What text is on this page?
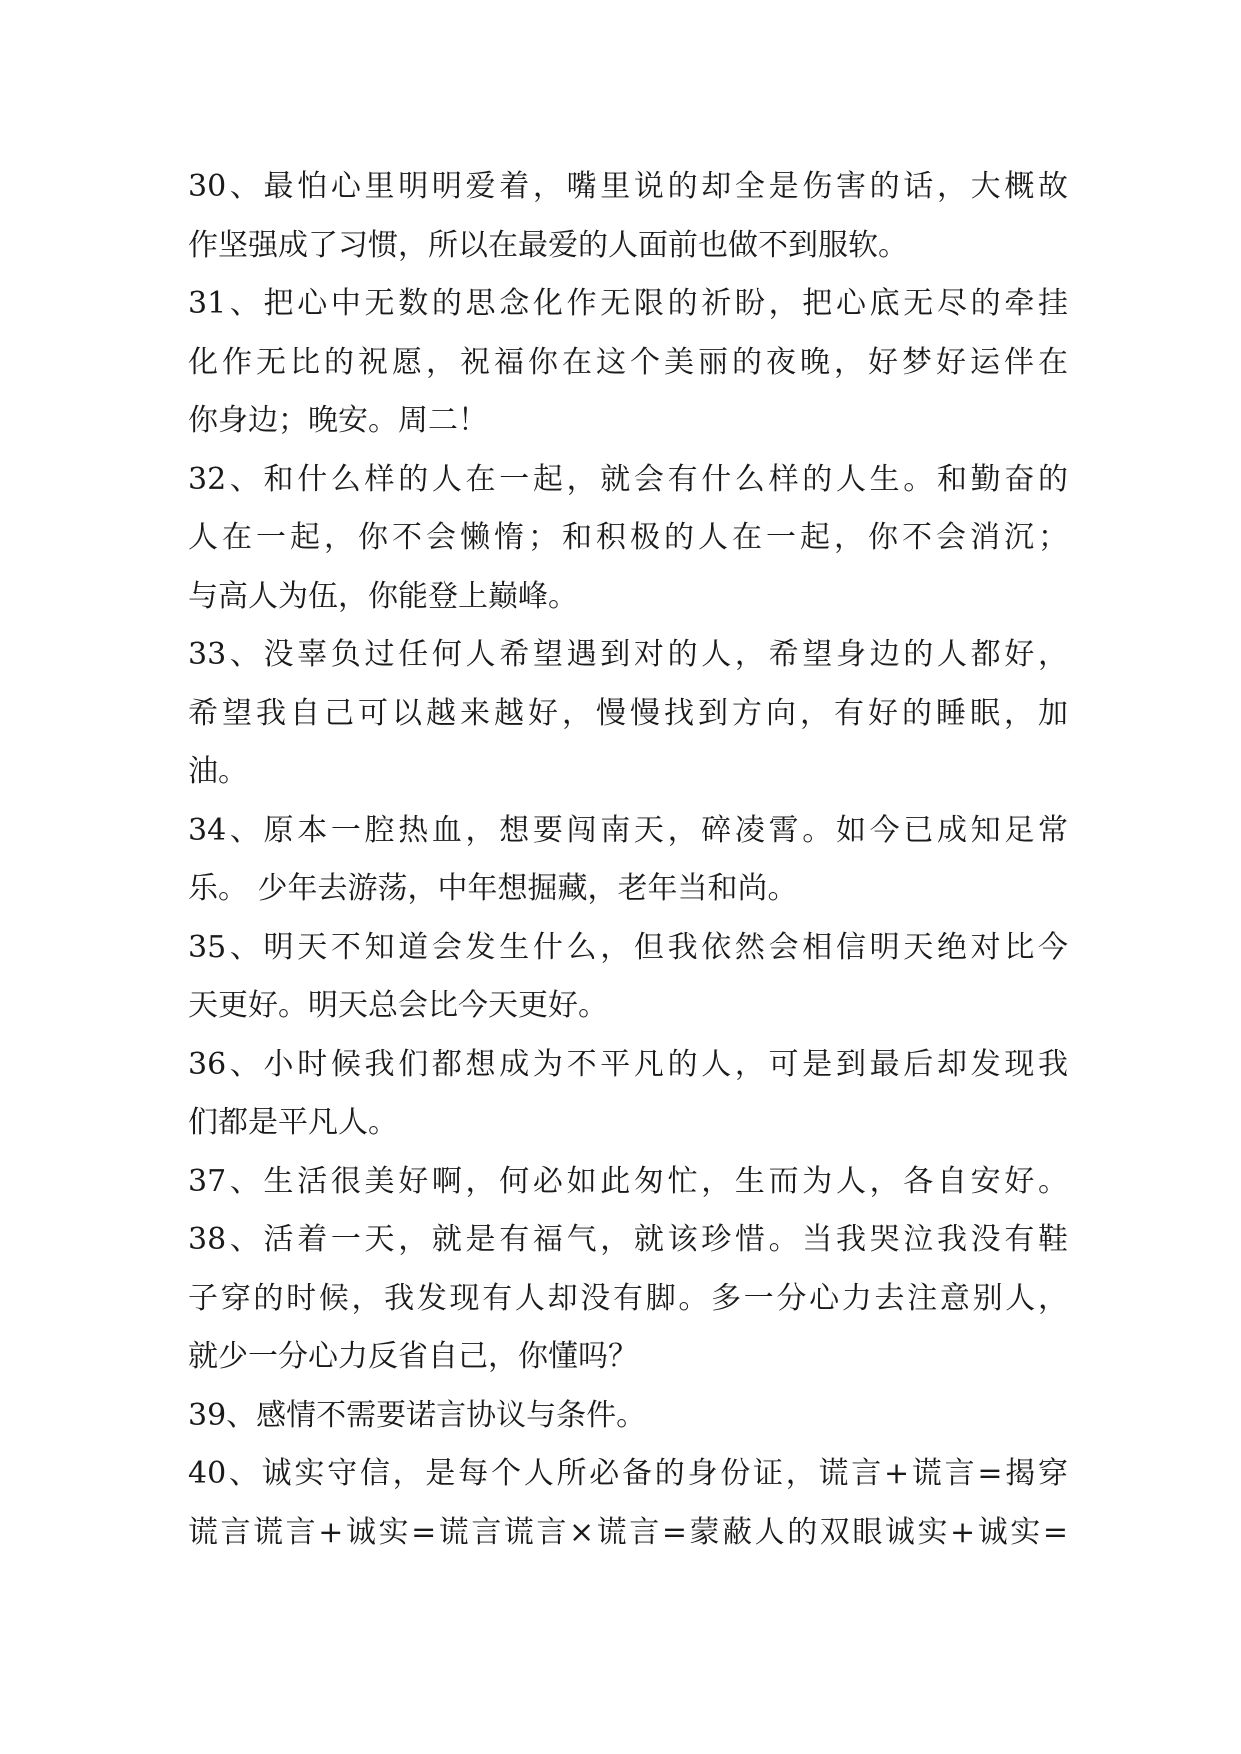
30、最怕心里明明爱着，嘴里说的却全是伤害的话，大概故
作坚强成了习惯，所以在最爱的人面前也做不到服软。
31、把心中无数的思念化作无限的祈盼，把心底无尽的牵挂
化作无比的祝愿，祝福你在这个美丽的夜晚，好梦好运伴在
你身边；晚安。周二！
32、和什么样的人在一起，就会有什么样的人生。和勤奋的
人在一起，你不会懒惰；和积极的人在一起，你不会消沉；
与高人为伍，你能登上巅峰。
33、没辜负过任何人希望遇到对的人，希望身边的人都好，
希望我自己可以越来越好，慢慢找到方向，有好的睡眠，加
油。
34、原本一腔热血，想要闯南天，碎凌霄。如今已成知足常
乐。 少年去游荡，中年想掘藏，老年当和尚。
35、明天不知道会发生什么，但我依然会相信明天绝对比今
天更好。明天总会比今天更好。
36、小时候我们都想成为不平凡的人，可是到最后却发现我
们都是平凡人。
37、生活很美好啊，何必如此匆忙，生而为人，各自安好。
38、活着一天，就是有福气，就该珍惜。当我哭泣我没有鞋
子穿的时候，我发现有人却没有脚。多一分心力去注意别人，
就少一分心力反省自己，你懂吗？
39、感情不需要诺言协议与条件。
40、诚实守信，是每个人所必备的身份证，谎言+谎言=揭穿
谎言谎言+诚实=谎言谎言×谎言=蒙蔽人的双眼诚实+诚实=
